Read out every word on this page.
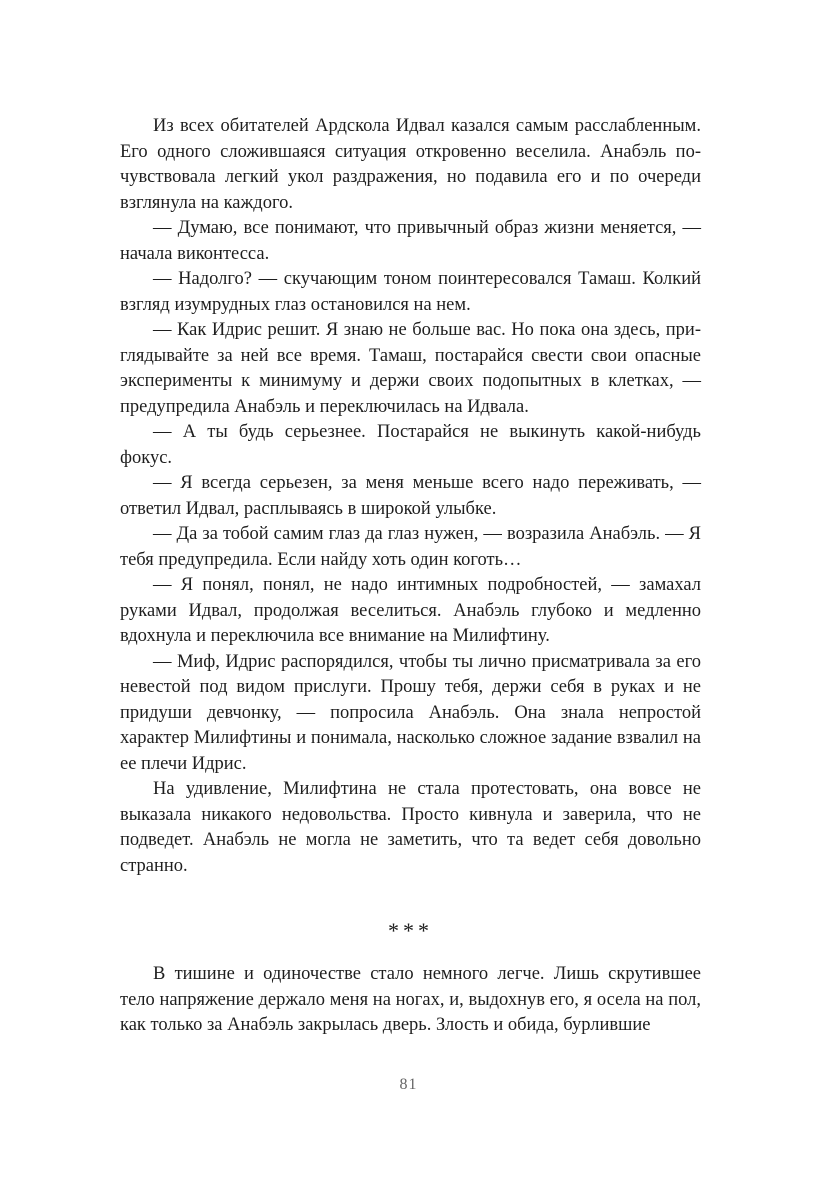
Из всех обитателей Ардскола Идвал казался самым расслабленным. Его одного сложившаяся ситуация откровенно веселила. Анабэль почувствовала легкий укол раздражения, но подавила его и по очереди взглянула на каждого.

— Думаю, все понимают, что привычный образ жизни меняется, — начала виконтесса.

— Надолго? — скучающим тоном поинтересовался Тамаш. Колкий взгляд изумрудных глаз остановился на нем.

— Как Идрис решит. Я знаю не больше вас. Но пока она здесь, приглядывайте за ней все время. Тамаш, постарайся свести свои опасные эксперименты к минимуму и держи своих подопытных в клетках, — предупредила Анабэль и переключилась на Идвала.

— А ты будь серьезнее. Постарайся не выкинуть какой-нибудь фокус.

— Я всегда серьезен, за меня меньше всего надо переживать, — ответил Идвал, расплываясь в широкой улыбке.

— Да за тобой самим глаз да глаз нужен, — возразила Анабэль. — Я тебя предупредила. Если найду хоть один коготь…

— Я понял, понял, не надо интимных подробностей, — замахал руками Идвал, продолжая веселиться. Анабэль глубоко и медленно вдохнула и переключила все внимание на Милифтину.

— Миф, Идрис распорядился, чтобы ты лично присматривала за его невестой под видом прислуги. Прошу тебя, держи себя в руках и не придуши девчонку, — попросила Анабэль. Она знала непростой характер Милифтины и понимала, насколько сложное задание взвалил на ее плечи Идрис.

На удивление, Милифтина не стала протестовать, она вовсе не выказала никакого недовольства. Просто кивнула и заверила, что не подведет. Анабэль не могла не заметить, что та ведет себя довольно странно.

***

В тишине и одиночестве стало немного легче. Лишь скрутившее тело напряжение держало меня на ногах, и, выдохнув его, я осела на пол, как только за Анабэль закрылась дверь. Злость и обида, бурлившие

81
